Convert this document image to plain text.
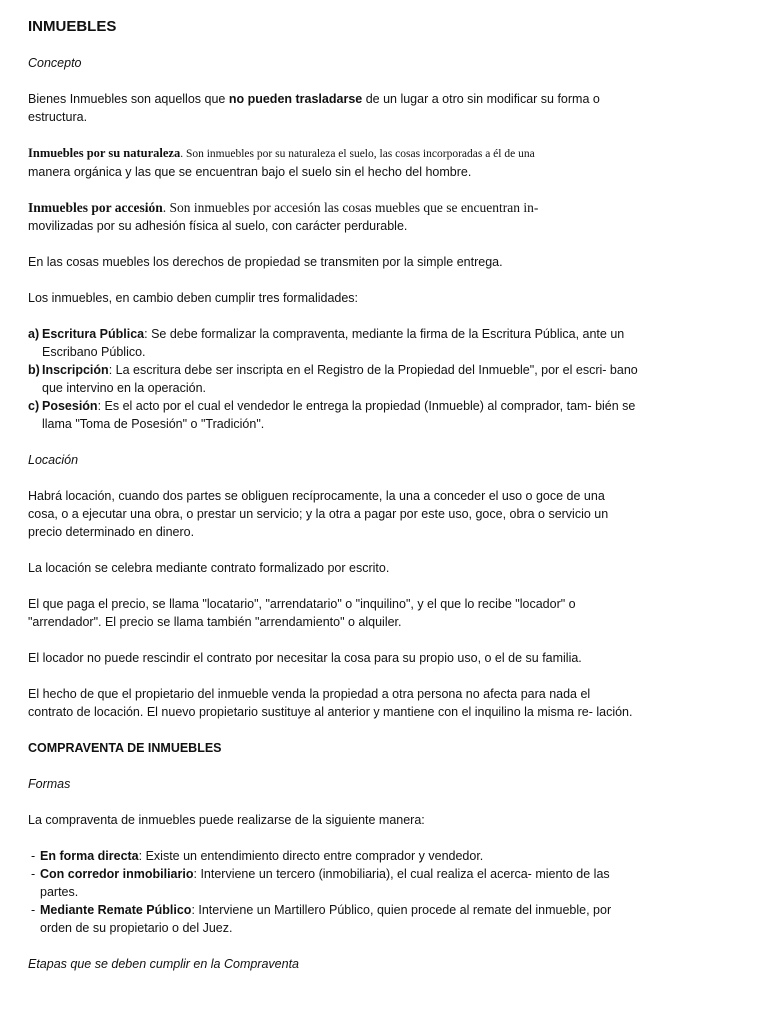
INMUEBLES
Concepto

Bienes Inmuebles son aquellos que no pueden trasladarse de un lugar a otro sin modificar su forma o estructura.

Inmuebles por su naturaleza. Son inmuebles por su naturaleza el suelo, las cosas incorporadas a él de una
manera orgánica y las que se encuentran bajo el suelo sin el hecho del hombre.

Inmuebles por accesión. Son inmuebles por accesión las cosas muebles que se encuentran in-
movilizadas por su adhesión física al suelo, con carácter perdurable.

En las cosas muebles los derechos de propiedad se transmiten por la simple entrega.

Los inmuebles, en cambio deben cumplir tres formalidades:

a) Escritura Pública: Se debe formalizar la compraventa, mediante la firma de la Escritura Pública, ante un Escribano Público.
b) Inscripción: La escritura debe ser inscripta en el Registro de la Propiedad del Inmueble", por el escri- bano que intervino en la operación.
c) Posesión: Es el acto por el cual el vendedor le entrega la propiedad (Inmueble) al comprador, tam- bién se llama "Toma de Posesión" o "Tradición".
Locación

Habrá locación, cuando dos partes se obliguen recíprocamente, la una a conceder el uso o goce de una cosa, o a ejecutar una obra, o prestar un servicio; y la otra a pagar por este uso, goce, obra o servicio un precio determinado en dinero.

La locación se celebra mediante contrato formalizado por escrito.

El que paga el precio, se llama "locatario", "arrendatario" o "inquilino", y el que lo recibe "locador" o "arrendador". El precio se llama también "arrendamiento" o alquiler.

El locador no puede rescindir el contrato por necesitar la cosa para su propio uso, o el de su familia.

El hecho de que el propietario del inmueble venda la propiedad a otra persona no afecta para nada el contrato de locación. El nuevo propietario sustituye al anterior y mantiene con el inquilino la misma re- lación.

COMPRAVENTA DE INMUEBLES
Formas

La compraventa de inmuebles puede realizarse de la siguiente manera:

- En forma directa: Existe un entendimiento directo entre comprador y vendedor.
- Con corredor inmobiliario: Interviene un tercero (inmobiliaria), el cual realiza el acerca- miento de las partes.
- Mediante Remate Público: Interviene un Martillero Público, quien procede al remate del inmueble, por orden de su propietario o del Juez.
Etapas que se deben cumplir en la Compraventa
